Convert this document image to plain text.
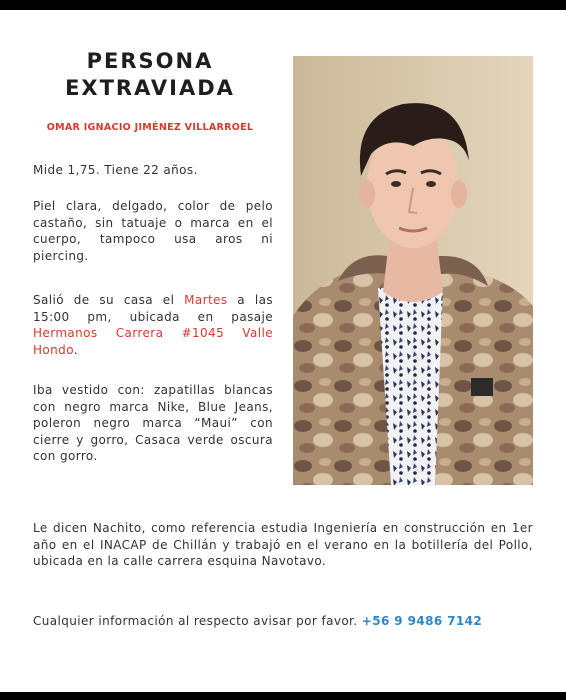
PERSONA
EXTRAVIADA
OMAR IGNACIO JIMÉNEZ VILLARROEL
Mide 1,75. Tiene 22 años.
Piel clara, delgado, color de pelo castaño, sin tatuaje o marca en el cuerpo, tampoco usa aros ni piercing.
Salió de su casa el Martes a las 15:00 pm, ubicada en pasaje Hermanos Carrera #1045 Valle Hondo.
Iba vestido con: zapatillas blancas con negro marca Nike, Blue Jeans, poleron negro marca “Maui” con cierre y gorro, Casaca verde oscura con gorro.
Le dicen Nachito, como referencia estudia Ingeniería en construcción en 1er año en el INACAP de Chillán y trabajó en el verano en la botillería del Pollo, ubicada en la calle carrera esquina Navotavo.
Cualquier información al respecto avisar por favor. +56 9 9486 7142
